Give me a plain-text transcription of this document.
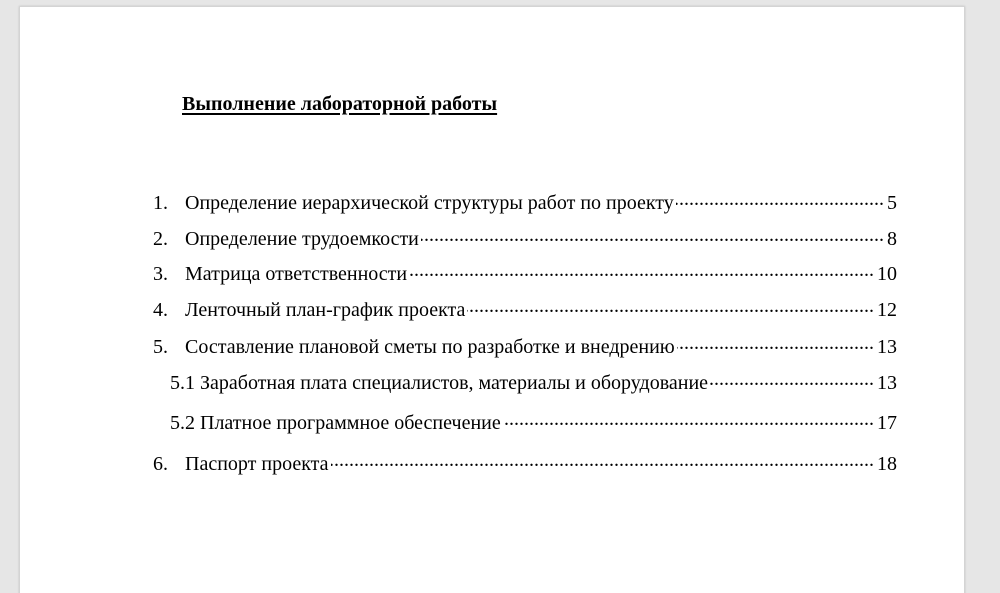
Выполнение лабораторной работы
1. Определение иерархической структуры работ по проекту .....	5
2. Определение трудоемкости .....	8
3. Матрица ответственности .....	10
4. Ленточный план-график проекта .....	12
5. Составление плановой сметы по разработке и внедрению .....	13
5.1 Заработная плата специалистов, материалы и оборудование .....	13
5.2 Платное программное обеспечение .....	17
6. Паспорт проекта .....	18
